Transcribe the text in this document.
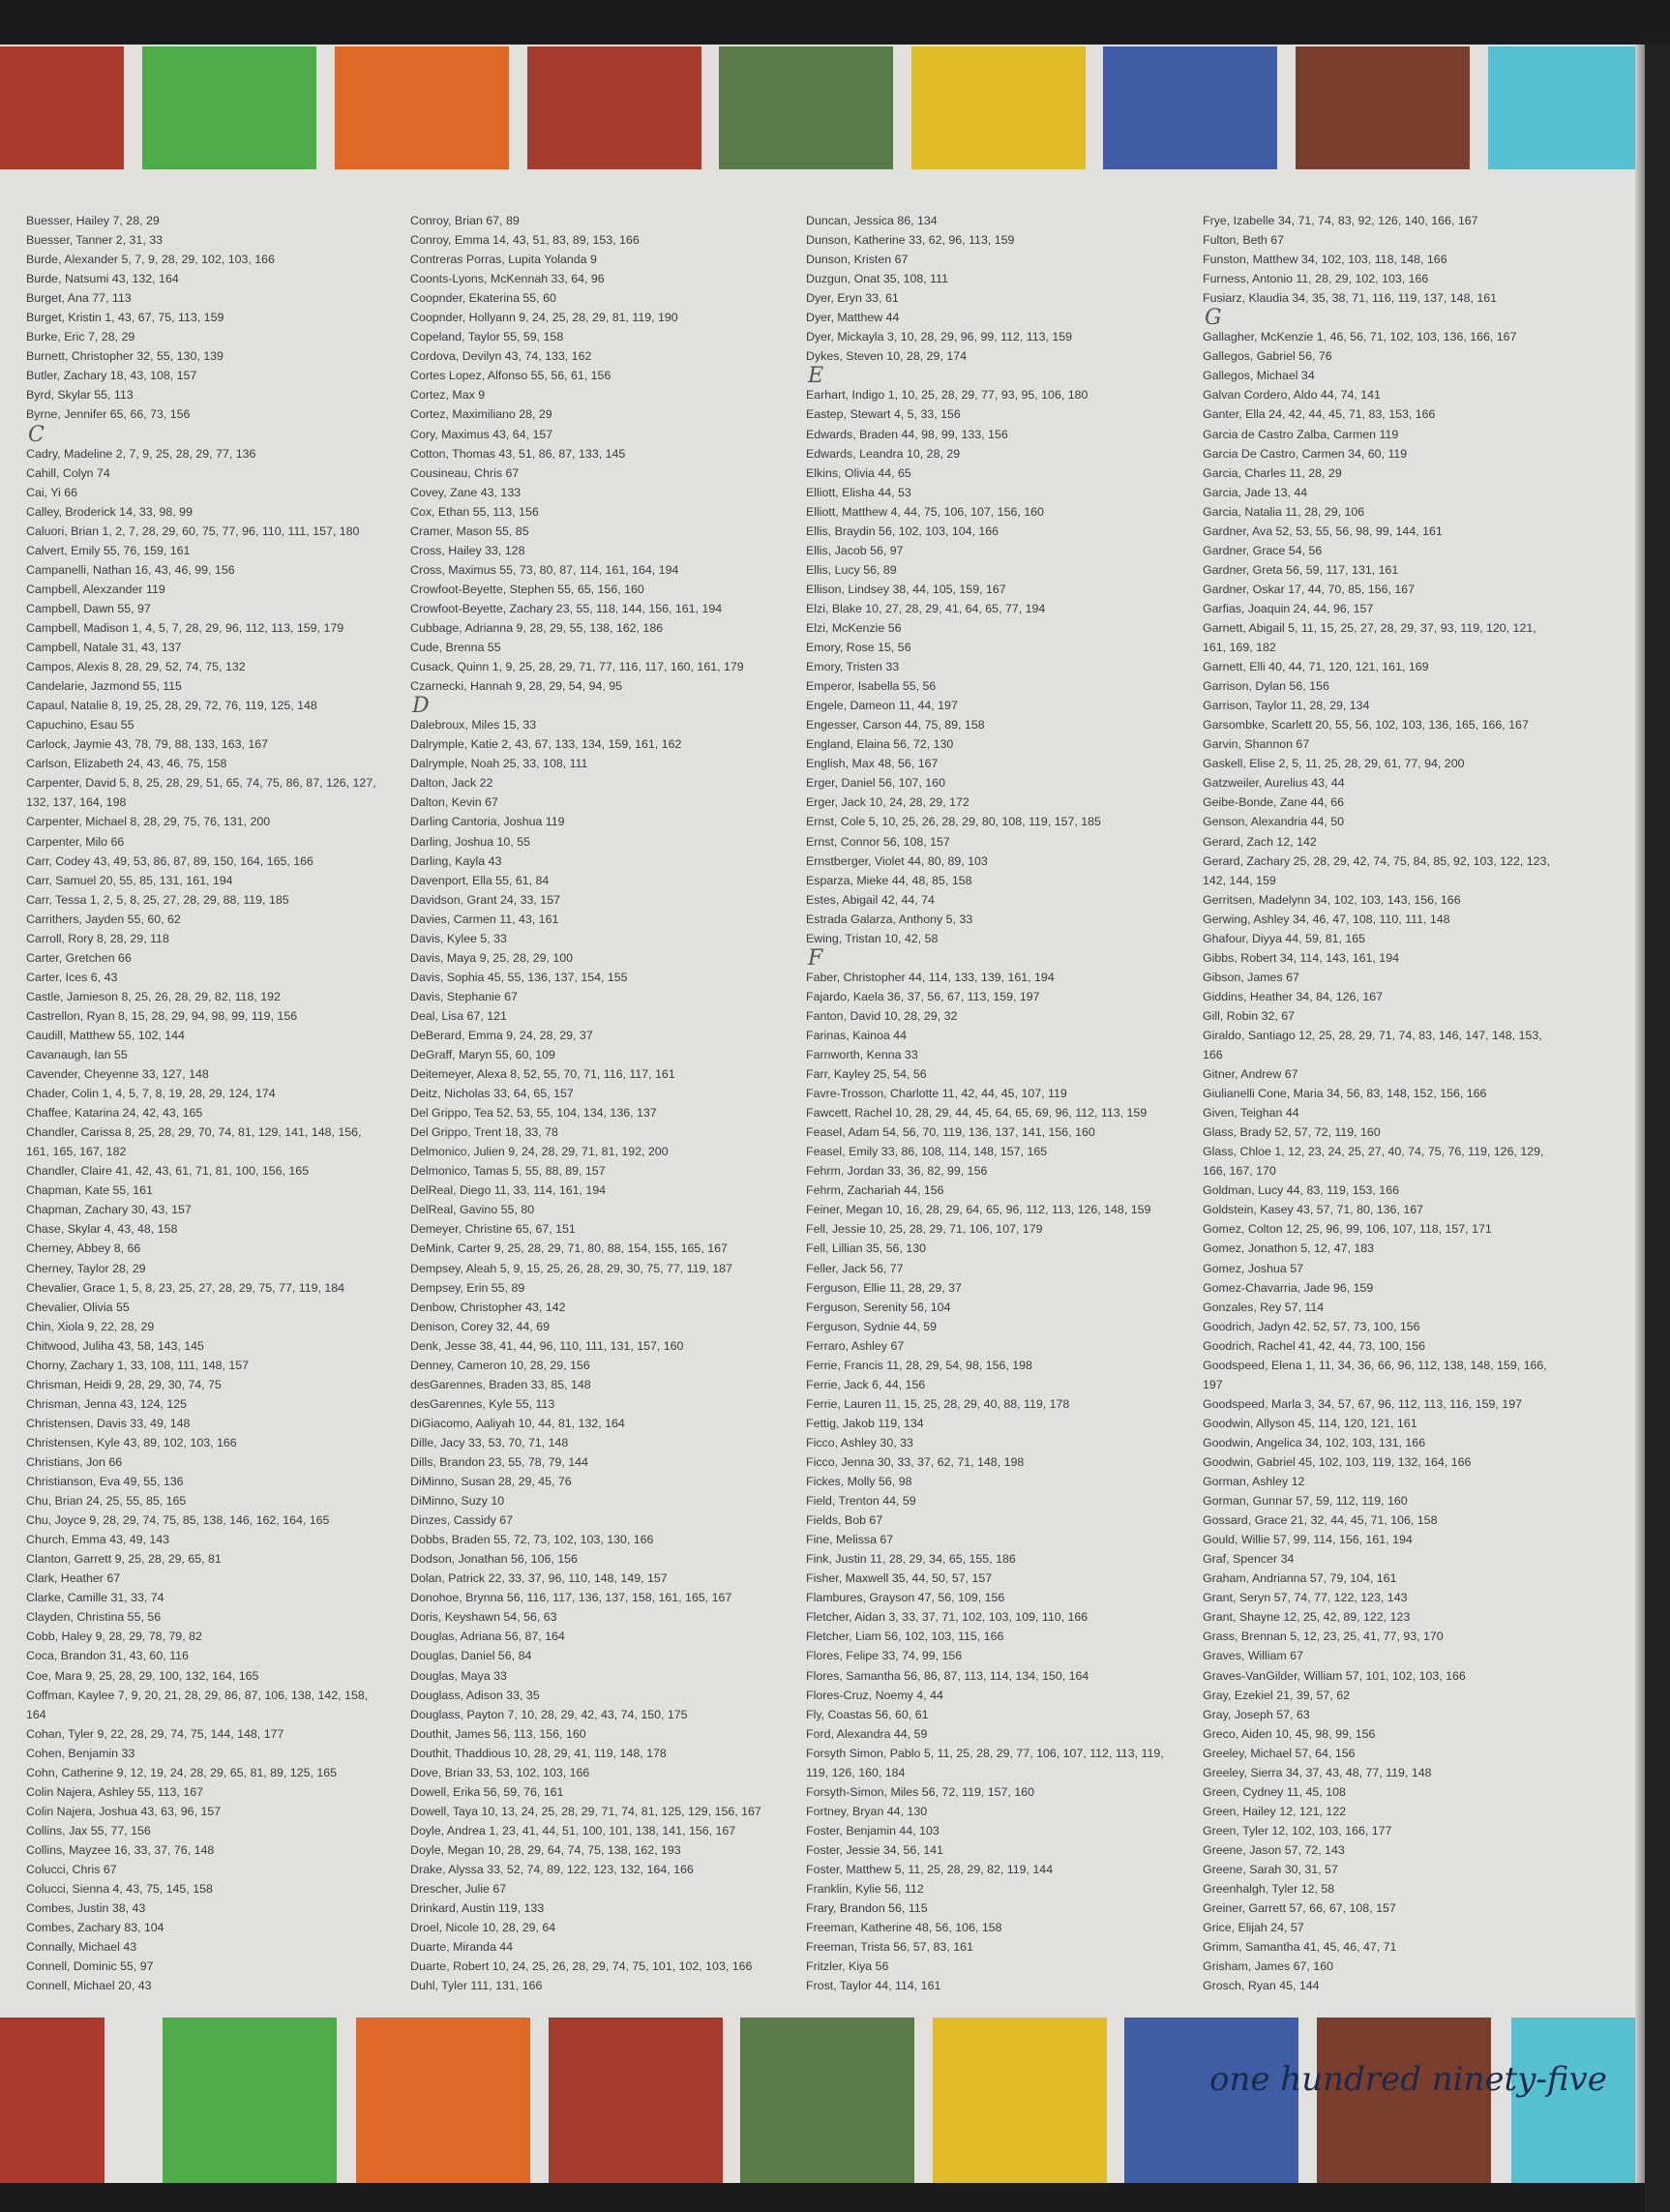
Buesser, Hailey 7, 28, 29
Buesser, Tanner 2, 31, 33
Burde, Alexander 5, 7, 9, 28, 29, 102, 103, 166
Burde, Natsumi 43, 132, 164
Burget, Ana 77, 113
Burget, Kristin 1, 43, 67, 75, 113, 159
Burke, Eric 7, 28, 29
Burnett, Christopher 32, 55, 130, 139
Butler, Zachary 18, 43, 108, 157
Byrd, Skylar 55, 113
Byrne, Jennifer 65, 66, 73, 156
C
Cadry, Madeline 2, 7, 9, 25, 28, 29, 77, 136
Cahill, Colyn 74
Cai, Yi 66
Calley, Broderick 14, 33, 98, 99
Caluori, Brian 1, 2, 7, 28, 29, 60, 75, 77, 96, 110, 111, 157, 180
Calvert, Emily 55, 76, 159, 161
Campanelli, Nathan 16, 43, 46, 99, 156
Campbell, Alexzander 119
Campbell, Dawn 55, 97
Campbell, Madison 1, 4, 5, 7, 28, 29, 96, 112, 113, 159, 179
Campbell, Natale 31, 43, 137
Campos, Alexis 8, 28, 29, 52, 74, 75, 132
Candelarie, Jazmond 55, 115
Capaul, Natalie 8, 19, 25, 28, 29, 72, 76, 119, 125, 148
Capuchino, Esau 55
Carlock, Jaymie 43, 78, 79, 88, 133, 163, 167
Carlson, Elizabeth 24, 43, 46, 75, 158
Carpenter, David 5, 8, 25, 28, 29, 51, 65, 74, 75, 86, 87, 126, 127,
132, 137, 164, 198
Carpenter, Michael 8, 28, 29, 75, 76, 131, 200
Carpenter, Milo 66
Carr, Codey 43, 49, 53, 86, 87, 89, 150, 164, 165, 166
Carr, Samuel 20, 55, 85, 131, 161, 194
Carr, Tessa 1, 2, 5, 8, 25, 27, 28, 29, 88, 119, 185
Carrithers, Jayden 55, 60, 62
Carroll, Rory 8, 28, 29, 118
Carter, Gretchen 66
Carter, Ices 6, 43
Castle, Jamieson 8, 25, 26, 28, 29, 82, 118, 192
Castrellon, Ryan 8, 15, 28, 29, 94, 98, 99, 119, 156
Caudill, Matthew 55, 102, 144
Cavanaugh, Ian 55
Cavender, Cheyenne 33, 127, 148
Chader, Colin 1, 4, 5, 7, 8, 19, 28, 29, 124, 174
Chaffee, Katarina 24, 42, 43, 165
Chandler, Carissa 8, 25, 28, 29, 70, 74, 81, 129, 141, 148, 156,
161, 165, 167, 182
Chandler, Claire 41, 42, 43, 61, 71, 81, 100, 156, 165
Chapman, Kate 55, 161
Chapman, Zachary 30, 43, 157
Chase, Skylar 4, 43, 48, 158
Cherney, Abbey 8, 66
Cherney, Taylor 28, 29
Chevalier, Grace 1, 5, 8, 23, 25, 27, 28, 29, 75, 77, 119, 184
Chevalier, Olivia 55
Chin, Xiola 9, 22, 28, 29
Chitwood, Juliha 43, 58, 143, 145
Chorny, Zachary 1, 33, 108, 111, 148, 157
Chrisman, Heidi 9, 28, 29, 30, 74, 75
Chrisman, Jenna 43, 124, 125
Christensen, Davis 33, 49, 148
Christensen, Kyle 43, 89, 102, 103, 166
Christians, Jon 66
Christianson, Eva 49, 55, 136
Chu, Brian 24, 25, 55, 85, 165
Chu, Joyce 9, 28, 29, 74, 75, 85, 138, 146, 162, 164, 165
Church, Emma 43, 49, 143
Clanton, Garrett 9, 25, 28, 29, 65, 81
Clark, Heather 67
Clarke, Camille 31, 33, 74
Clayden, Christina 55, 56
Cobb, Haley 9, 28, 29, 78, 79, 82
Coca, Brandon 31, 43, 60, 116
Coe, Mara 9, 25, 28, 29, 100, 132, 164, 165
Coffman, Kaylee 7, 9, 20, 21, 28, 29, 86, 87, 106, 138, 142, 158,
164
Cohan, Tyler 9, 22, 28, 29, 74, 75, 144, 148, 177
Cohen, Benjamin 33
Cohn, Catherine 9, 12, 19, 24, 28, 29, 65, 81, 89, 125, 165
Colin Najera, Ashley 55, 113, 167
Colin Najera, Joshua 43, 63, 96, 157
Collins, Jax 55, 77, 156
Collins, Mayzee 16, 33, 37, 76, 148
Colucci, Chris 67
Colucci, Sienna 4, 43, 75, 145, 158
Combes, Justin 38, 43
Combes, Zachary 83, 104
Connally, Michael 43
Connell, Dominic 55, 97
Connell, Michael 20, 43
Conroy, Brian 67, 89
Conroy, Emma 14, 43, 51, 83, 89, 153, 166
Contreras Porras, Lupita Yolanda 9
Coonts-Lyons, McKennah 33, 64, 96
Coopnder, Ekaterina 55, 60
Coopnder, Hollyann 9, 24, 25, 28, 29, 81, 119, 190
Copeland, Taylor 55, 59, 158
Cordova, Devilyn 43, 74, 133, 162
Cortes Lopez, Alfonso 55, 56, 61, 156
Cortez, Max 9
Cortez, Maximiliano 28, 29
Cory, Maximus 43, 64, 157
Cotton, Thomas 43, 51, 86, 87, 133, 145
Cousineau, Chris 67
Covey, Zane 43, 133
Cox, Ethan 55, 113, 156
Cramer, Mason 55, 85
Cross, Hailey 33, 128
Cross, Maximus 55, 73, 80, 87, 114, 161, 164, 194
Crowfoot-Beyette, Stephen 55, 65, 156, 160
Crowfoot-Beyette, Zachary 23, 55, 118, 144, 156, 161, 194
Cubbage, Adrianna 9, 28, 29, 55, 138, 162, 186
Cude, Brenna 55
Cusack, Quinn 1, 9, 25, 28, 29, 71, 77, 116, 117, 160, 161, 179
Czarnecki, Hannah 9, 28, 29, 54, 94, 95
D
Dalebroux, Miles 15, 33
Dalrymple, Katie 2, 43, 67, 133, 134, 159, 161, 162
Dalrymple, Noah 25, 33, 108, 111
Dalton, Jack 22
Dalton, Kevin 67
Darling Cantoria, Joshua 119
Darling, Joshua 10, 55
Darling, Kayla 43
Davenport, Ella 55, 61, 84
Davidson, Grant 24, 33, 157
Davies, Carmen 11, 43, 161
Davis, Kylee 5, 33
Davis, Maya 9, 25, 28, 29, 100
Davis, Sophia 45, 55, 136, 137, 154, 155
Davis, Stephanie 67
Deal, Lisa 67, 121
DeBerard, Emma 9, 24, 28, 29, 37
DeGraff, Maryn 55, 60, 109
Deitemeyer, Alexa 8, 52, 55, 70, 71, 116, 117, 161
Deitz, Nicholas 33, 64, 65, 157
Del Grippo, Tea 52, 53, 55, 104, 134, 136, 137
Del Grippo, Trent 18, 33, 78
Delmonico, Julien 9, 24, 28, 29, 71, 81, 192, 200
Delmonico, Tamas 5, 55, 88, 89, 157
DelReal, Diego 11, 33, 114, 161, 194
DelReal, Gavino 55, 80
Demeyer, Christine 65, 67, 151
DeMink, Carter 9, 25, 28, 29, 71, 80, 88, 154, 155, 165, 167
Dempsey, Aleah 5, 9, 15, 25, 26, 28, 29, 30, 75, 77, 119, 187
Dempsey, Erin 55, 89
Denbow, Christopher 43, 142
Denison, Corey 32, 44, 69
Denk, Jesse 38, 41, 44, 96, 110, 111, 131, 157, 160
Denney, Cameron 10, 28, 29, 156
desGarennes, Braden 33, 85, 148
desGarennes, Kyle 55, 113
DiGiacomo, Aaliyah 10, 44, 81, 132, 164
Dille, Jacy 33, 53, 70, 71, 148
Dills, Brandon 23, 55, 78, 79, 144
DiMinno, Susan 28, 29, 45, 76
DiMinno, Suzy 10
Dinzes, Cassidy 67
Dobbs, Braden 55, 72, 73, 102, 103, 130, 166
Dodson, Jonathan 56, 106, 156
Dolan, Patrick 22, 33, 37, 96, 110, 148, 149, 157
Donohoe, Brynna 56, 116, 117, 136, 137, 158, 161, 165, 167
Doris, Keyshawn 54, 56, 63
Douglas, Adriana 56, 87, 164
Douglas, Daniel 56, 84
Douglas, Maya 33
Douglass, Adison 33, 35
Douglass, Payton 7, 10, 28, 29, 42, 43, 74, 150, 175
Douthit, James 56, 113, 156, 160
Douthit, Thaddious 10, 28, 29, 41, 119, 148, 178
Dove, Brian 33, 53, 102, 103, 166
Dowell, Erika 56, 59, 76, 161
Dowell, Taya 10, 13, 24, 25, 28, 29, 71, 74, 81, 125, 129, 156, 167
Doyle, Andrea 1, 23, 41, 44, 51, 100, 101, 138, 141, 156, 167
Doyle, Megan 10, 28, 29, 64, 74, 75, 138, 162, 193
Drake, Alyssa 33, 52, 74, 89, 122, 123, 132, 164, 166
Drescher, Julie 67
Drinkard, Austin 119, 133
Droel, Nicole 10, 28, 29, 64
Duarte, Miranda 44
Duarte, Robert 10, 24, 25, 26, 28, 29, 74, 75, 101, 102, 103, 166
Duhl, Tyler 111, 131, 166
Duncan, Jessica 86, 134
Dunson, Katherine 33, 62, 96, 113, 159
Dunson, Kristen 67
Duzgun, Onat 35, 108, 111
Dyer, Eryn 33, 61
Dyer, Matthew 44
Dyer, Mickayla 3, 10, 28, 29, 96, 99, 112, 113, 159
Dykes, Steven 10, 28, 29, 174
E
Earhart, Indigo 1, 10, 25, 28, 29, 77, 93, 95, 106, 180
Eastep, Stewart 4, 5, 33, 156
Edwards, Braden 44, 98, 99, 133, 156
Edwards, Leandra 10, 28, 29
Elkins, Olivia 44, 65
Elliott, Elisha 44, 53
Elliott, Matthew 4, 44, 75, 106, 107, 156, 160
Ellis, Braydin 56, 102, 103, 104, 166
Ellis, Jacob 56, 97
Ellis, Lucy 56, 89
Ellison, Lindsey 38, 44, 105, 159, 167
Elzi, Blake 10, 27, 28, 29, 41, 64, 65, 77, 194
Elzi, McKenzie 56
Emory, Rose 15, 56
Emory, Tristen 33
Emperor, Isabella 55, 56
Engele, Dameon 11, 44, 197
Engesser, Carson 44, 75, 89, 158
England, Elaina 56, 72, 130
English, Max 48, 56, 167
Erger, Daniel 56, 107, 160
Erger, Jack 10, 24, 28, 29, 172
Ernst, Cole 5, 10, 25, 26, 28, 29, 80, 108, 119, 157, 185
Ernst, Connor 56, 108, 157
Ernstberger, Violet 44, 80, 89, 103
Esparza, Mieke 44, 48, 85, 158
Estes, Abigail 42, 44, 74
Estrada Galarza, Anthony 5, 33
Ewing, Tristan 10, 42, 58
F
Faber, Christopher 44, 114, 133, 139, 161, 194
Fajardo, Kaela 36, 37, 56, 67, 113, 159, 197
Fanton, David 10, 28, 29, 32
Farinas, Kainoa 44
Farnworth, Kenna 33
Farr, Kayley 25, 54, 56
Favre-Trosson, Charlotte 11, 42, 44, 45, 107, 119
Fawcett, Rachel 10, 28, 29, 44, 45, 64, 65, 69, 96, 112, 113, 159
Feasel, Adam 54, 56, 70, 119, 136, 137, 141, 156, 160
Feasel, Emily 33, 86, 108, 114, 148, 157, 165
Fehrm, Jordan 33, 36, 82, 99, 156
Fehrm, Zachariah 44, 156
Feiner, Megan 10, 16, 28, 29, 64, 65, 96, 112, 113, 126, 148, 159
Fell, Jessie 10, 25, 28, 29, 71, 106, 107, 179
Fell, Lillian 35, 56, 130
Feller, Jack 56, 77
Ferguson, Ellie 11, 28, 29, 37
Ferguson, Serenity 56, 104
Ferguson, Sydnie 44, 59
Ferraro, Ashley 67
Ferrie, Francis 11, 28, 29, 54, 98, 156, 198
Ferrie, Jack 6, 44, 156
Ferrie, Lauren 11, 15, 25, 28, 29, 40, 88, 119, 178
Fettig, Jakob 119, 134
Ficco, Ashley 30, 33
Ficco, Jenna 30, 33, 37, 62, 71, 148, 198
Fickes, Molly 56, 98
Field, Trenton 44, 59
Fields, Bob 67
Fine, Melissa 67
Fink, Justin 11, 28, 29, 34, 65, 155, 186
Fisher, Maxwell 35, 44, 50, 57, 157
Flambures, Grayson 47, 56, 109, 156
Fletcher, Aidan 3, 33, 37, 71, 102, 103, 109, 110, 166
Fletcher, Liam 56, 102, 103, 115, 166
Flores, Felipe 33, 74, 99, 156
Flores, Samantha 56, 86, 87, 113, 114, 134, 150, 164
Flores-Cruz, Noemy 4, 44
Fly, Coastas 56, 60, 61
Ford, Alexandra 44, 59
Forsyth Simon, Pablo 5, 11, 25, 28, 29, 77, 106, 107, 112, 113, 119,
119, 126, 160, 184
Forsyth-Simon, Miles 56, 72, 119, 157, 160
Fortney, Bryan 44, 130
Foster, Benjamin 44, 103
Foster, Jessie 34, 56, 141
Foster, Matthew 5, 11, 25, 28, 29, 82, 119, 144
Franklin, Kylie 56, 112
Frary, Brandon 56, 115
Freeman, Katherine 48, 56, 106, 158
Freeman, Trista 56, 57, 83, 161
Fritzler, Kiya 56
Frost, Taylor 44, 114, 161
Frye, Izabelle 34, 71, 74, 83, 92, 126, 140, 166, 167
Fulton, Beth 67
Funston, Matthew 34, 102, 103, 118, 148, 166
Furness, Antonio 11, 28, 29, 102, 103, 166
Fusiarz, Klaudia 34, 35, 38, 71, 116, 119, 137, 148, 161
G
Gallagher, McKenzie 1, 46, 56, 71, 102, 103, 136, 166, 167
Gallegos, Gabriel 56, 76
Gallegos, Michael 34
Galvan Cordero, Aldo 44, 74, 141
Ganter, Ella 24, 42, 44, 45, 71, 83, 153, 166
Garcia de Castro Zalba, Carmen 119
Garcia De Castro, Carmen 34, 60, 119
Garcia, Charles 11, 28, 29
Garcia, Jade 13, 44
Garcia, Natalia 11, 28, 29, 106
Gardner, Ava 52, 53, 55, 56, 98, 99, 144, 161
Gardner, Grace 54, 56
Gardner, Greta 56, 59, 117, 131, 161
Gardner, Oskar 17, 44, 70, 85, 156, 167
Garfias, Joaquin 24, 44, 96, 157
Garnett, Abigail 5, 11, 15, 25, 27, 28, 29, 37, 93, 119, 120, 121,
161, 169, 182
Garnett, Elli 40, 44, 71, 120, 121, 161, 169
Garrison, Dylan 56, 156
Garrison, Taylor 11, 28, 29, 134
Garsombke, Scarlett 20, 55, 56, 102, 103, 136, 165, 166, 167
Garvin, Shannon 67
Gaskell, Elise 2, 5, 11, 25, 28, 29, 61, 77, 94, 200
Gatzweiler, Aurelius 43, 44
Geibe-Bonde, Zane 44, 66
Genson, Alexandria 44, 50
Gerard, Zach 12, 142
Gerard, Zachary 25, 28, 29, 42, 74, 75, 84, 85, 92, 103, 122, 123,
142, 144, 159
Gerritsen, Madelynn 34, 102, 103, 143, 156, 166
Gerwing, Ashley 34, 46, 47, 108, 110, 111, 148
Ghafour, Diyya 44, 59, 81, 165
Gibbs, Robert 34, 114, 143, 161, 194
Gibson, James 67
Giddins, Heather 34, 84, 126, 167
Gill, Robin 32, 67
Giraldo, Santiago 12, 25, 28, 29, 71, 74, 83, 146, 147, 148, 153,
166
Gitner, Andrew 67
Giulianelli Cone, Maria 34, 56, 83, 148, 152, 156, 166
Given, Teighan 44
Glass, Brady 52, 57, 72, 119, 160
Glass, Chloe 1, 12, 23, 24, 25, 27, 40, 74, 75, 76, 119, 126, 129,
166, 167, 170
Goldman, Lucy 44, 83, 119, 153, 166
Goldstein, Kasey 43, 57, 71, 80, 136, 167
Gomez, Colton 12, 25, 96, 99, 106, 107, 118, 157, 171
Gomez, Jonathon 5, 12, 47, 183
Gomez, Joshua 57
Gomez-Chavarria, Jade 96, 159
Gonzales, Rey 57, 114
Goodrich, Jadyn 42, 52, 57, 73, 100, 156
Goodrich, Rachel 41, 42, 44, 73, 100, 156
Goodspeed, Elena 1, 11, 34, 36, 66, 96, 112, 138, 148, 159, 166,
197
Goodspeed, Marla 3, 34, 57, 67, 96, 112, 113, 116, 159, 197
Goodwin, Allyson 45, 114, 120, 121, 161
Goodwin, Angelica 34, 102, 103, 131, 166
Goodwin, Gabriel 45, 102, 103, 119, 132, 164, 166
Gorman, Ashley 12
Gorman, Gunnar 57, 59, 112, 119, 160
Gossard, Grace 21, 32, 44, 45, 71, 106, 158
Gould, Willie 57, 99, 114, 156, 161, 194
Graf, Spencer 34
Graham, Andrianna 57, 79, 104, 161
Grant, Seryn 57, 74, 77, 122, 123, 143
Grant, Shayne 12, 25, 42, 89, 122, 123
Grass, Brennan 5, 12, 23, 25, 41, 77, 93, 170
Graves, William 67
Graves-VanGilder, William 57, 101, 102, 103, 166
Gray, Ezekiel 21, 39, 57, 62
Gray, Joseph 57, 63
Greco, Aiden 10, 45, 98, 99, 156
Greeley, Michael 57, 64, 156
Greeley, Sierra 34, 37, 43, 48, 77, 119, 148
Green, Cydney 11, 45, 108
Green, Hailey 12, 121, 122
Green, Tyler 12, 102, 103, 166, 177
Greene, Jason 57, 72, 143
Greene, Sarah 30, 31, 57
Greenhalgh, Tyler 12, 58
Greiner, Garrett 57, 66, 67, 108, 157
Grice, Elijah 24, 57
Grimm, Samantha 41, 45, 46, 47, 71
Grisham, James 67, 160
Grosch, Ryan 45, 144
one hundred ninety-five
